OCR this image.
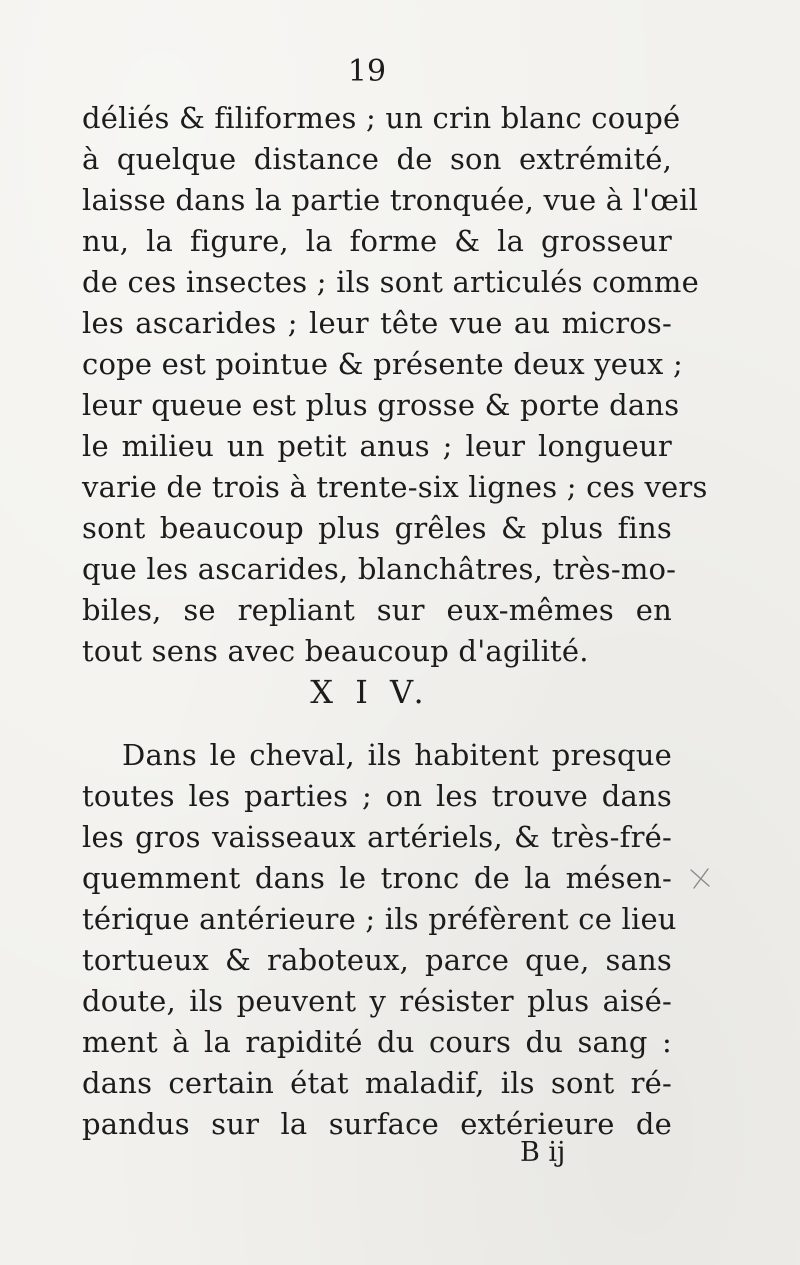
19
déliés & filiformes ; un crin blanc coupé
à quelque distance de son extrémité,
laisse dans la partie tronquée, vue à l'œil
nu, la figure, la forme & la grosseur
de ces insectes ; ils sont articulés comme
les ascarides ; leur tête vue au micros-
cope est pointue & présente deux yeux ;
leur queue est plus grosse & porte dans
le milieu un petit anus ; leur longueur
varie de trois à trente-six lignes ; ces vers
sont beaucoup plus grêles & plus fins
que les ascarides, blanchâtres, très-mo-
biles, se repliant sur eux-mêmes en
tout sens avec beaucoup d'agilité.
X I V.
Dans le cheval, ils habitent presque
toutes les parties ; on les trouve dans
les gros vaisseaux artériels, & très-fré-
quemment dans le tronc de la mésen-
térique antérieure ; ils préfèrent ce lieu
tortueux & raboteux, parce que, sans
doute, ils peuvent y résister plus aisé-
ment à la rapidité du cours du sang :
dans certain état maladif, ils sont ré-
pandus sur la surface extérieure de
B ij
